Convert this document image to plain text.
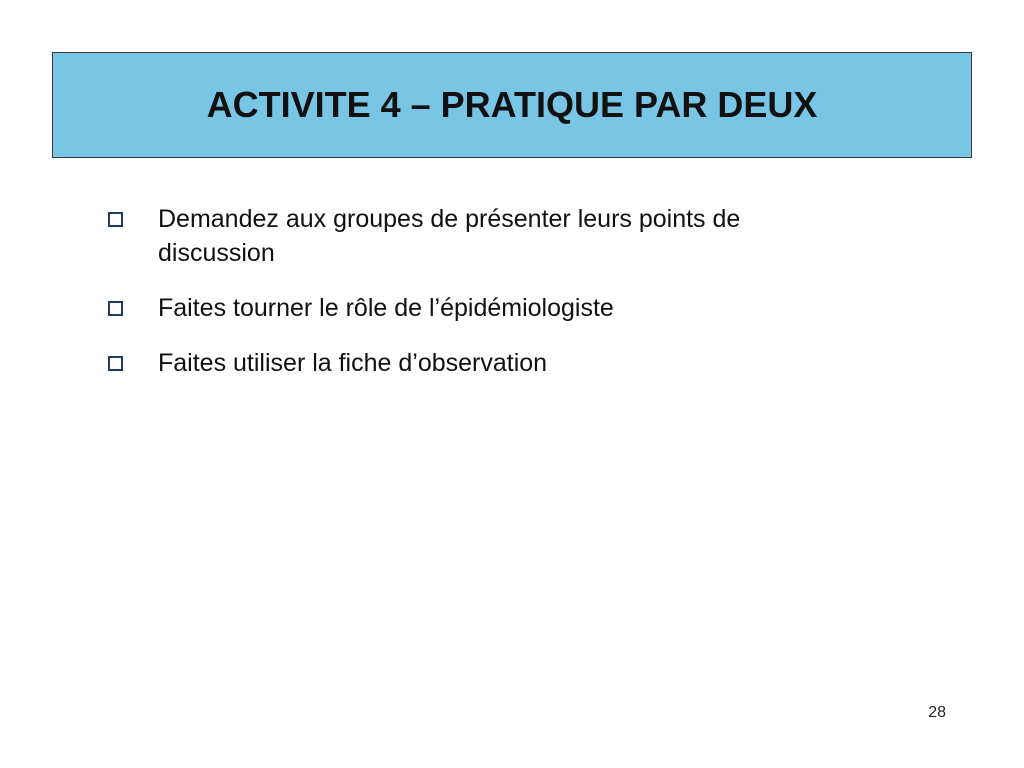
ACTIVITE 4 – PRATIQUE PAR DEUX
Demandez aux groupes de présenter leurs points de discussion
Faites tourner le rôle de l’épidémiologiste
Faites utiliser la fiche d’observation
28
